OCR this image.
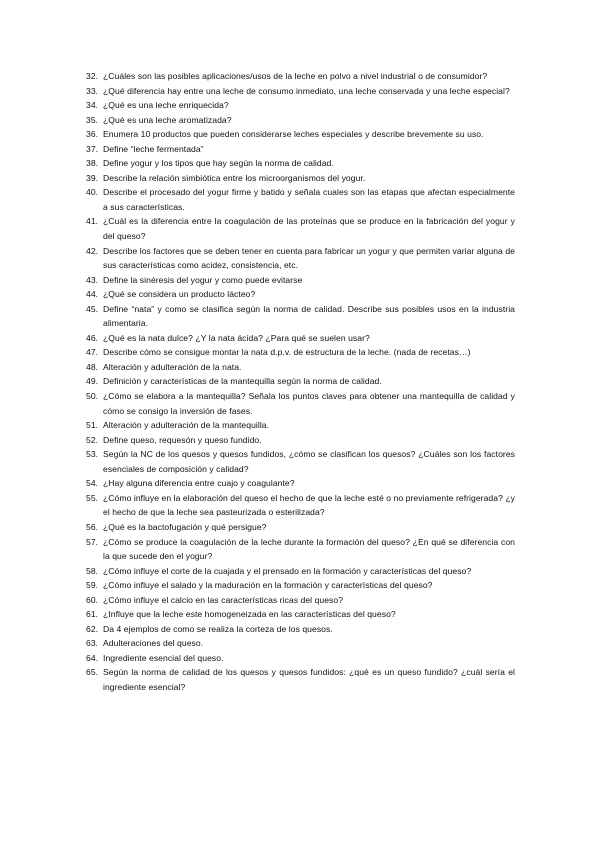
32. ¿Cuáles son las posibles aplicaciones/usos de la leche en polvo a nivel industrial o de consumidor?
33. ¿Qué diferencia hay entre una leche de consumo inmediato, una leche conservada y una leche especial?
34. ¿Qué es una leche enriquecida?
35. ¿Qué es una leche aromatizada?
36. Enumera 10 productos que pueden considerarse leches especiales y describe brevemente su uso.
37. Define “leche fermentada”
38. Define yogur y los tipos que hay según la norma de calidad.
39. Describe la relación simbiótica entre los microorganismos del yogur.
40. Describe el procesado del yogur firme y batido y señala cuales son las etapas que afectan especialmente a sus características.
41. ¿Cuál es la diferencia entre la coagulación de las proteínas que se produce en la fabricación del yogur y del queso?
42. Describe los factores que se deben tener en cuenta para fabricar un yogur y que permiten variar alguna de sus características como acidez, consistencia, etc.
43. Define la sinéresis del yogur y como puede evitarse
44. ¿Qué se considera un producto lácteo?
45. Define “nata” y como se clasifica según la norma de calidad. Describe sus posibles usos en la industria alimentaria.
46. ¿Qué es la nata dulce? ¿Y la nata ácida? ¿Para qué se suelen usar?
47. Describe cómo se consigue montar la nata d.p.v. de estructura de la leche. (nada de recetas…)
48. Alteración y adulteración de la nata.
49. Definición y características de la mantequilla según la norma de calidad.
50. ¿Cómo se elabora a la mantequilla? Señala los puntos claves para obtener una mantequilla de calidad y cómo se consigo la inversión de fases.
51. Alteración y adulteración de la mantequilla.
52. Define queso, requesón y queso fundido.
53. Según la NC de los quesos y quesos fundidos, ¿cómo se clasifican los quesos? ¿Cuáles son los factores esenciales de composición y calidad?
54. ¿Hay alguna diferencia entre cuajo y coagulante?
55. ¿Cómo influye en la elaboración del queso el hecho de que la leche esté o no previamente refrigerada? ¿y el hecho de que la leche sea pasteurizada o esterilizada?
56. ¿Qué es la bactofugación y qué persigue?
57. ¿Cómo se produce la coagulación de la leche durante la formación del queso? ¿En qué se diferencia con la que sucede den el yogur?
58. ¿Cómo influye el corte de la cuajada y el prensado en la formación y características del queso?
59. ¿Cómo influye el salado y la maduración en la formación y características del queso?
60. ¿Cómo influye el calcio en las características ricas del queso?
61. ¿Influye que la leche este homogeneizada en las características del queso?
62. Da 4 ejemplos de como se realiza la corteza de los quesos.
63. Adulteraciones del queso.
64. Ingrediente esencial del queso.
65. Según la norma de calidad de los quesos y quesos fundidos: ¿qué es un queso fundido? ¿cuál sería el ingrediente esencial?
